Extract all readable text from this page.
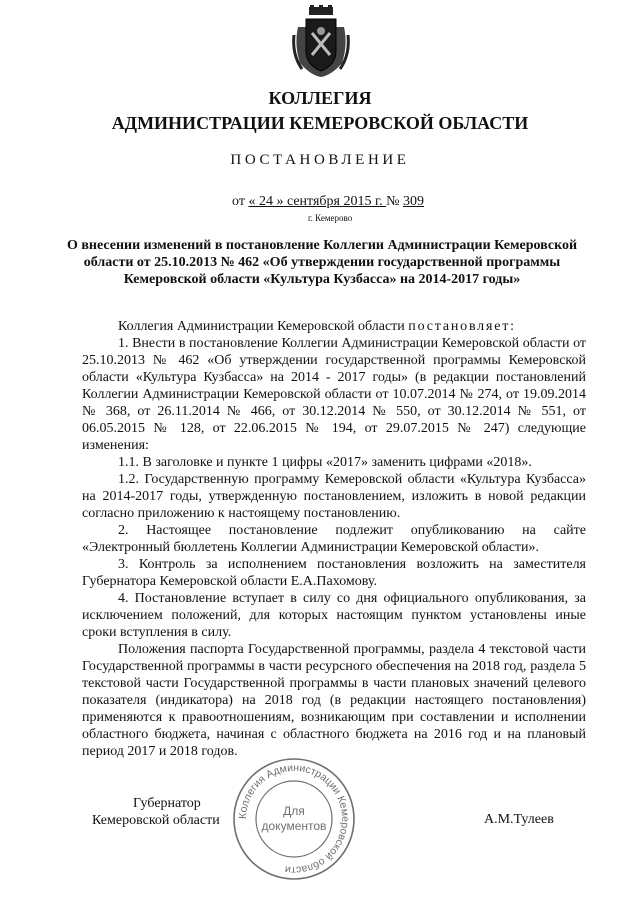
КОЛЛЕГИЯ
АДМИНИСТРАЦИИ КЕМЕРОВСКОЙ ОБЛАСТИ
ПОСТАНОВЛЕНИЕ
от « 24 » сентября 2015 г. № 309
г. Кемерово
О внесении изменений в постановление Коллегии Администрации Кемеровской области от 25.10.2013 № 462 «Об утверждении государственной программы Кемеровской области «Культура Кузбасса» на 2014-2017 годы»
Коллегия Администрации Кемеровской области постановляет:
1. Внести в постановление Коллегии Администрации Кемеровской области от 25.10.2013 № 462 «Об утверждении государственной программы Кемеровской области «Культура Кузбасса» на 2014 - 2017 годы» (в редакции постановлений Коллегии Администрации Кемеровской области от 10.07.2014 № 274, от 19.09.2014 № 368, от 26.11.2014 № 466, от 30.12.2014 № 550, от 30.12.2014 № 551, от 06.05.2015 № 128, от 22.06.2015 № 194, от 29.07.2015 № 247) следующие изменения:
1.1. В заголовке и пункте 1 цифры «2017» заменить цифрами «2018».
1.2. Государственную программу Кемеровской области «Культура Кузбасса» на 2014-2017 годы, утвержденную постановлением, изложить в новой редакции согласно приложению к настоящему постановлению.
2. Настоящее постановление подлежит опубликованию на сайте «Электронный бюллетень Коллегии Администрации Кемеровской области».
3. Контроль за исполнением постановления возложить на заместителя Губернатора Кемеровской области Е.А.Пахомову.
4. Постановление вступает в силу со дня официального опубликования, за исключением положений, для которых настоящим пунктом установлены иные сроки вступления в силу.
Положения паспорта Государственной программы, раздела 4 текстовой части Государственной программы в части ресурсного обеспечения на 2018 год, раздела 5 текстовой части Государственной программы в части плановых значений целевого показателя (индикатора) на 2018 год (в редакции настоящего постановления) применяются к правоотношениям, возникающим при составлении и исполнении областного бюджета, начиная с областного бюджета на 2016 год и на плановый период 2017 и 2018 годов.
Губернатор
Кемеровской области	А.М.Тулеев
Коллегия Администрации Кемеровской области
Для
документов
